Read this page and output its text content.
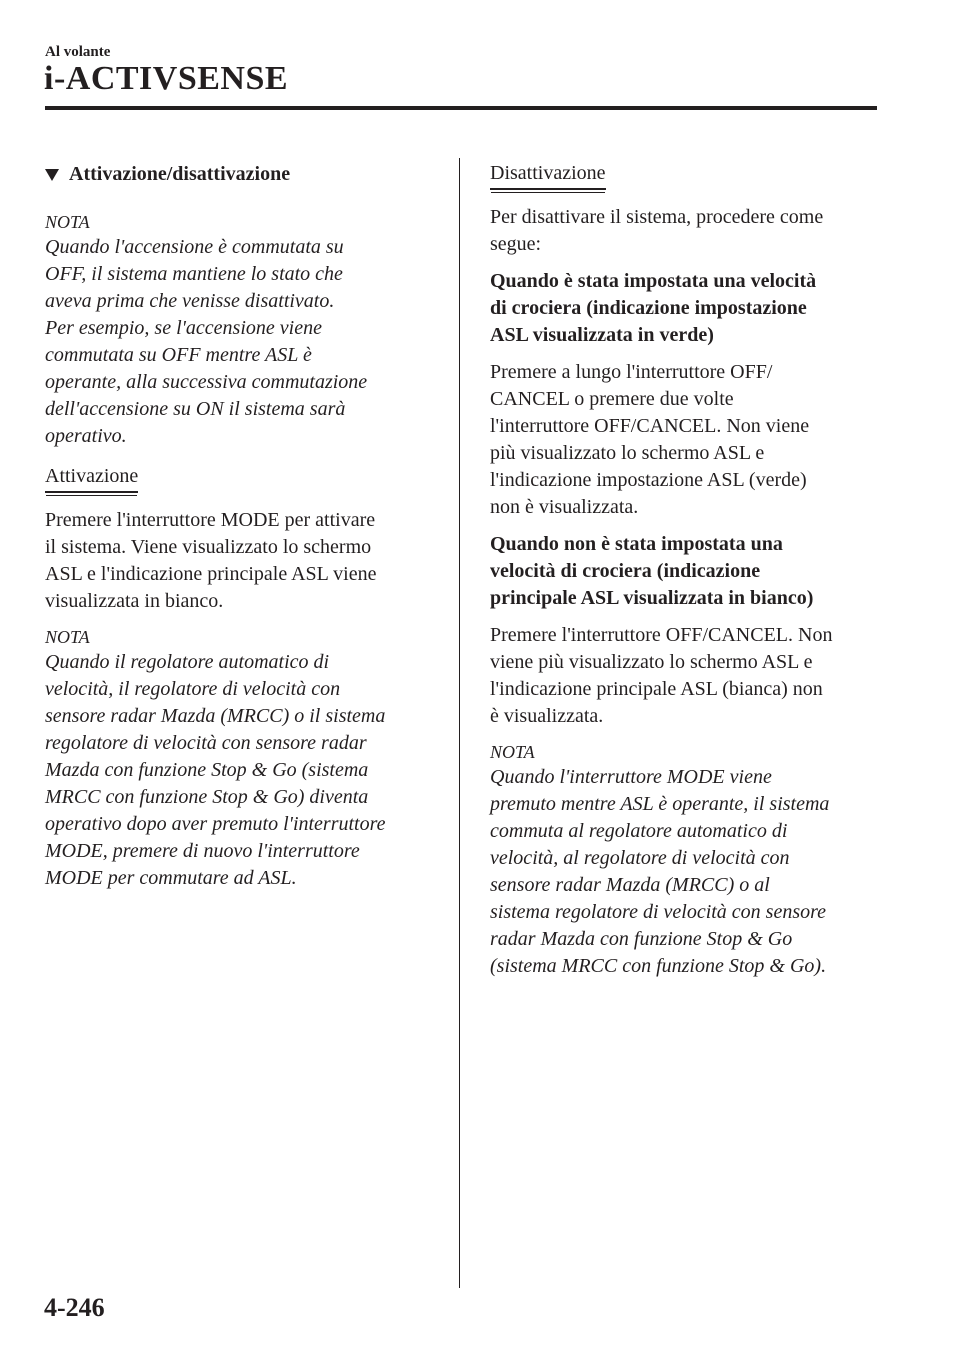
Al volante
i-ACTIVSENSE
Attivazione/disattivazione

NOTA

Quando l'accensione è commutata su
OFF, il sistema mantiene lo stato che
aveva prima che venisse disattivato.
Per esempio, se l'accensione viene
commutata su OFF mentre ASL è
operante, alla successiva commutazione
dell'accensione su ON il sistema sarà
operativo.

Attivazione

Premere l'interruttore MODE per attivare
il sistema. Viene visualizzato lo schermo
ASL e l'indicazione principale ASL viene
visualizzata in bianco.

NOTA

Quando il regolatore automatico di
velocità, il regolatore di velocità con
sensore radar Mazda (MRCC) o il sistema
regolatore di velocità con sensore radar
Mazda con funzione Stop & Go (sistema
MRCC con funzione Stop & Go) diventa
operativo dopo aver premuto l'interruttore
MODE, premere di nuovo l'interruttore
MODE per commutare ad ASL.

Disattivazione

Per disattivare il sistema, procedere come
segue:

Quando è stata impostata una velocità
di crociera (indicazione impostazione
ASL visualizzata in verde)

Premere a lungo l'interruttore OFF/
CANCEL o premere due volte
l'interruttore OFF/CANCEL. Non viene
più visualizzato lo schermo ASL e
l'indicazione impostazione ASL (verde)
non è visualizzata.

Quando non è stata impostata una
velocità di crociera (indicazione
principale ASL visualizzata in bianco)

Premere l'interruttore OFF/CANCEL. Non
viene più visualizzato lo schermo ASL e
l'indicazione principale ASL (bianca) non
è visualizzata.

NOTA

Quando l'interruttore MODE viene
premuto mentre ASL è operante, il sistema
commuta al regolatore automatico di
velocità, al regolatore di velocità con
sensore radar Mazda (MRCC) o al
sistema regolatore di velocità con sensore
radar Mazda con funzione Stop & Go
(sistema MRCC con funzione Stop & Go).

4-246
